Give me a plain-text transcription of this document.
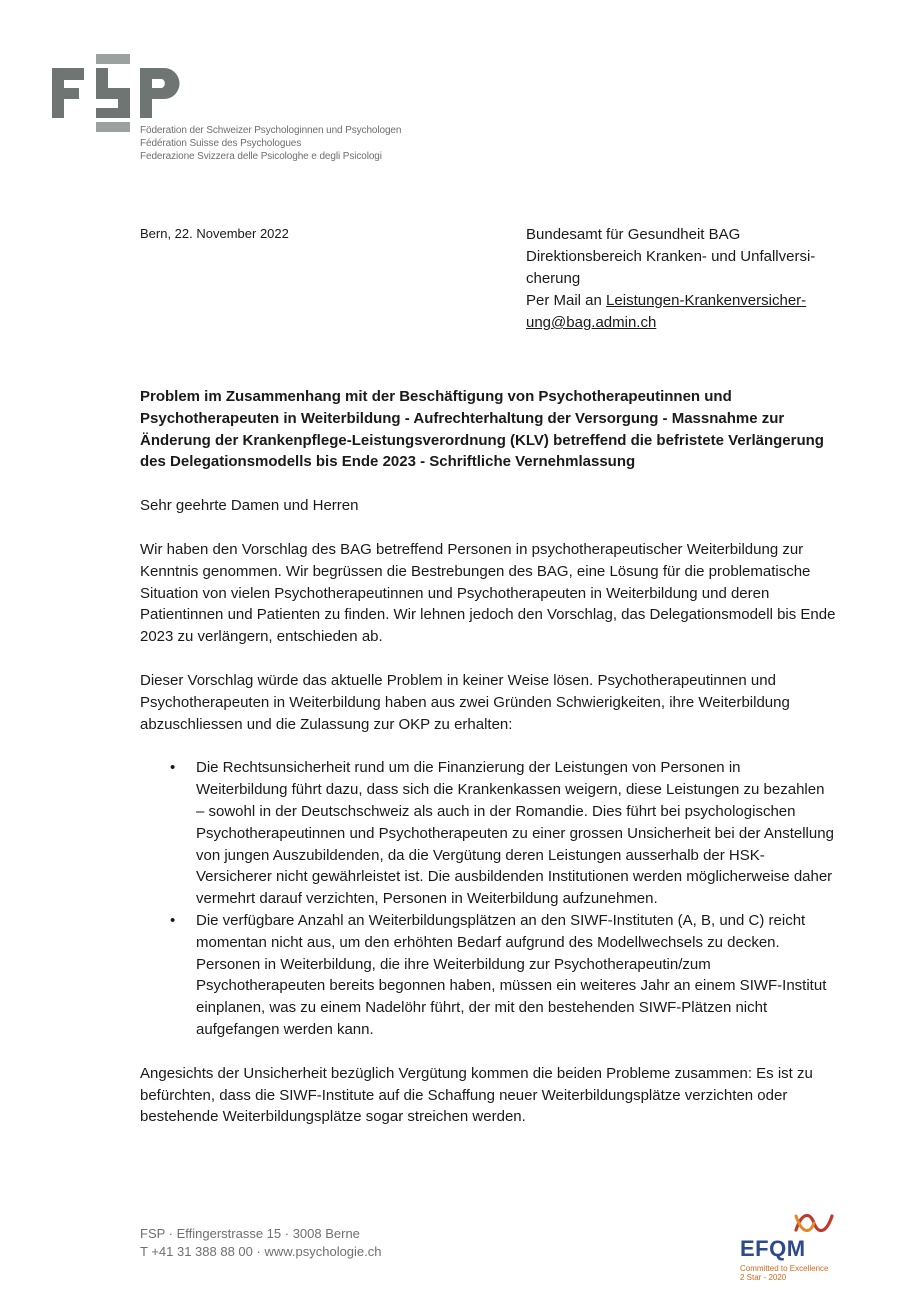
Föderation der Schweizer Psychologinnen und Psychologen
Fédération Suisse des Psychologues
Federazione Svizzera delle Psicologhe e degli Psicologi
Bern, 22. November 2022	Bundesamt für Gesundheit BAG
Direktionsbereich Kranken- und Unfallversi-
cherung
Per Mail an Leistungen-Krankenversicher-
ung@bag.admin.ch

Problem im Zusammenhang mit der Beschäftigung von Psychotherapeutinnen und Psychotherapeuten in Weiterbildung - Aufrechterhaltung der Versorgung - Massnahme zur Änderung der Krankenpflege-Leistungsverordnung (KLV) betreffend die befristete Verlängerung des Delegationsmodells bis Ende 2023 - Schriftliche Vernehmlassung

Sehr geehrte Damen und Herren

Wir haben den Vorschlag des BAG betreffend Personen in psychotherapeutischer Weiterbildung zur Kenntnis genommen. Wir begrüssen die Bestrebungen des BAG, eine Lösung für die problematische Situation von vielen Psychotherapeutinnen und Psychotherapeuten in Weiterbildung und deren Patientinnen und Patienten zu finden. Wir lehnen jedoch den Vorschlag, das Delegationsmodell bis Ende 2023 zu verlängern, entschieden ab.

Dieser Vorschlag würde das aktuelle Problem in keiner Weise lösen. Psychotherapeutinnen und Psychotherapeuten in Weiterbildung haben aus zwei Gründen Schwierigkeiten, ihre Weiterbildung abzuschliessen und die Zulassung zur OKP zu erhalten:

• Die Rechtsunsicherheit rund um die Finanzierung der Leistungen von Personen in Weiterbildung führt dazu, dass sich die Krankenkassen weigern, diese Leistungen zu bezahlen – sowohl in der Deutschschweiz als auch in der Romandie. Dies führt bei psychologischen Psychotherapeutinnen und Psychotherapeuten zu einer grossen Unsicherheit bei der Anstellung von jungen Auszubildenden, da die Vergütung deren Leistungen ausserhalb der HSK-Versicherer nicht gewährleistet ist. Die ausbildenden Institutionen werden möglicherweise daher vermehrt darauf verzichten, Personen in Weiterbildung aufzunehmen.
• Die verfügbare Anzahl an Weiterbildungsplätzen an den SIWF-Instituten (A, B, und C) reicht momentan nicht aus, um den erhöhten Bedarf aufgrund des Modellwechsels zu decken. Personen in Weiterbildung, die ihre Weiterbildung zur Psychotherapeutin/zum Psychotherapeuten bereits begonnen haben, müssen ein weiteres Jahr an einem SIWF-Institut einplanen, was zu einem Nadelöhr führt, der mit den bestehenden SIWF-Plätzen nicht aufgefangen werden kann.

Angesichts der Unsicherheit bezüglich Vergütung kommen die beiden Probleme zusammen: Es ist zu befürchten, dass die SIWF-Institute auf die Schaffung neuer Weiterbildungsplätze verzichten oder bestehende Weiterbildungsplätze sogar streichen werden.

FSP · Effingerstrasse 15 · 3008 Berne
T +41 31 388 88 00 · www.psychologie.ch	EFQM
Committed to Excellence
2 Star - 2020
